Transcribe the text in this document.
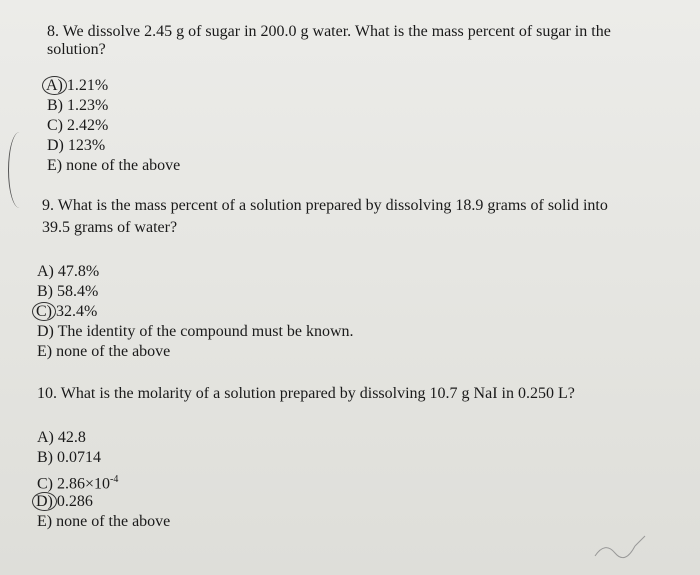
8. We dissolve 2.45 g of sugar in 200.0 g water. What is the mass percent of sugar in the
solution?
A) 1.21%
B) 1.23%
C) 2.42%
D) 123%
E) none of the above
9. What is the mass percent of a solution prepared by dissolving 18.9 grams of solid into
39.5 grams of water?
A) 47.8%
B) 58.4%
C) 32.4%
D) The identity of the compound must be known.
E) none of the above
10. What is the molarity of a solution prepared by dissolving 10.7 g NaI in 0.250 L?
A) 42.8
B) 0.0714
C) $2.86\times 10^{-4}$
D) 0.286
E) none of the above
